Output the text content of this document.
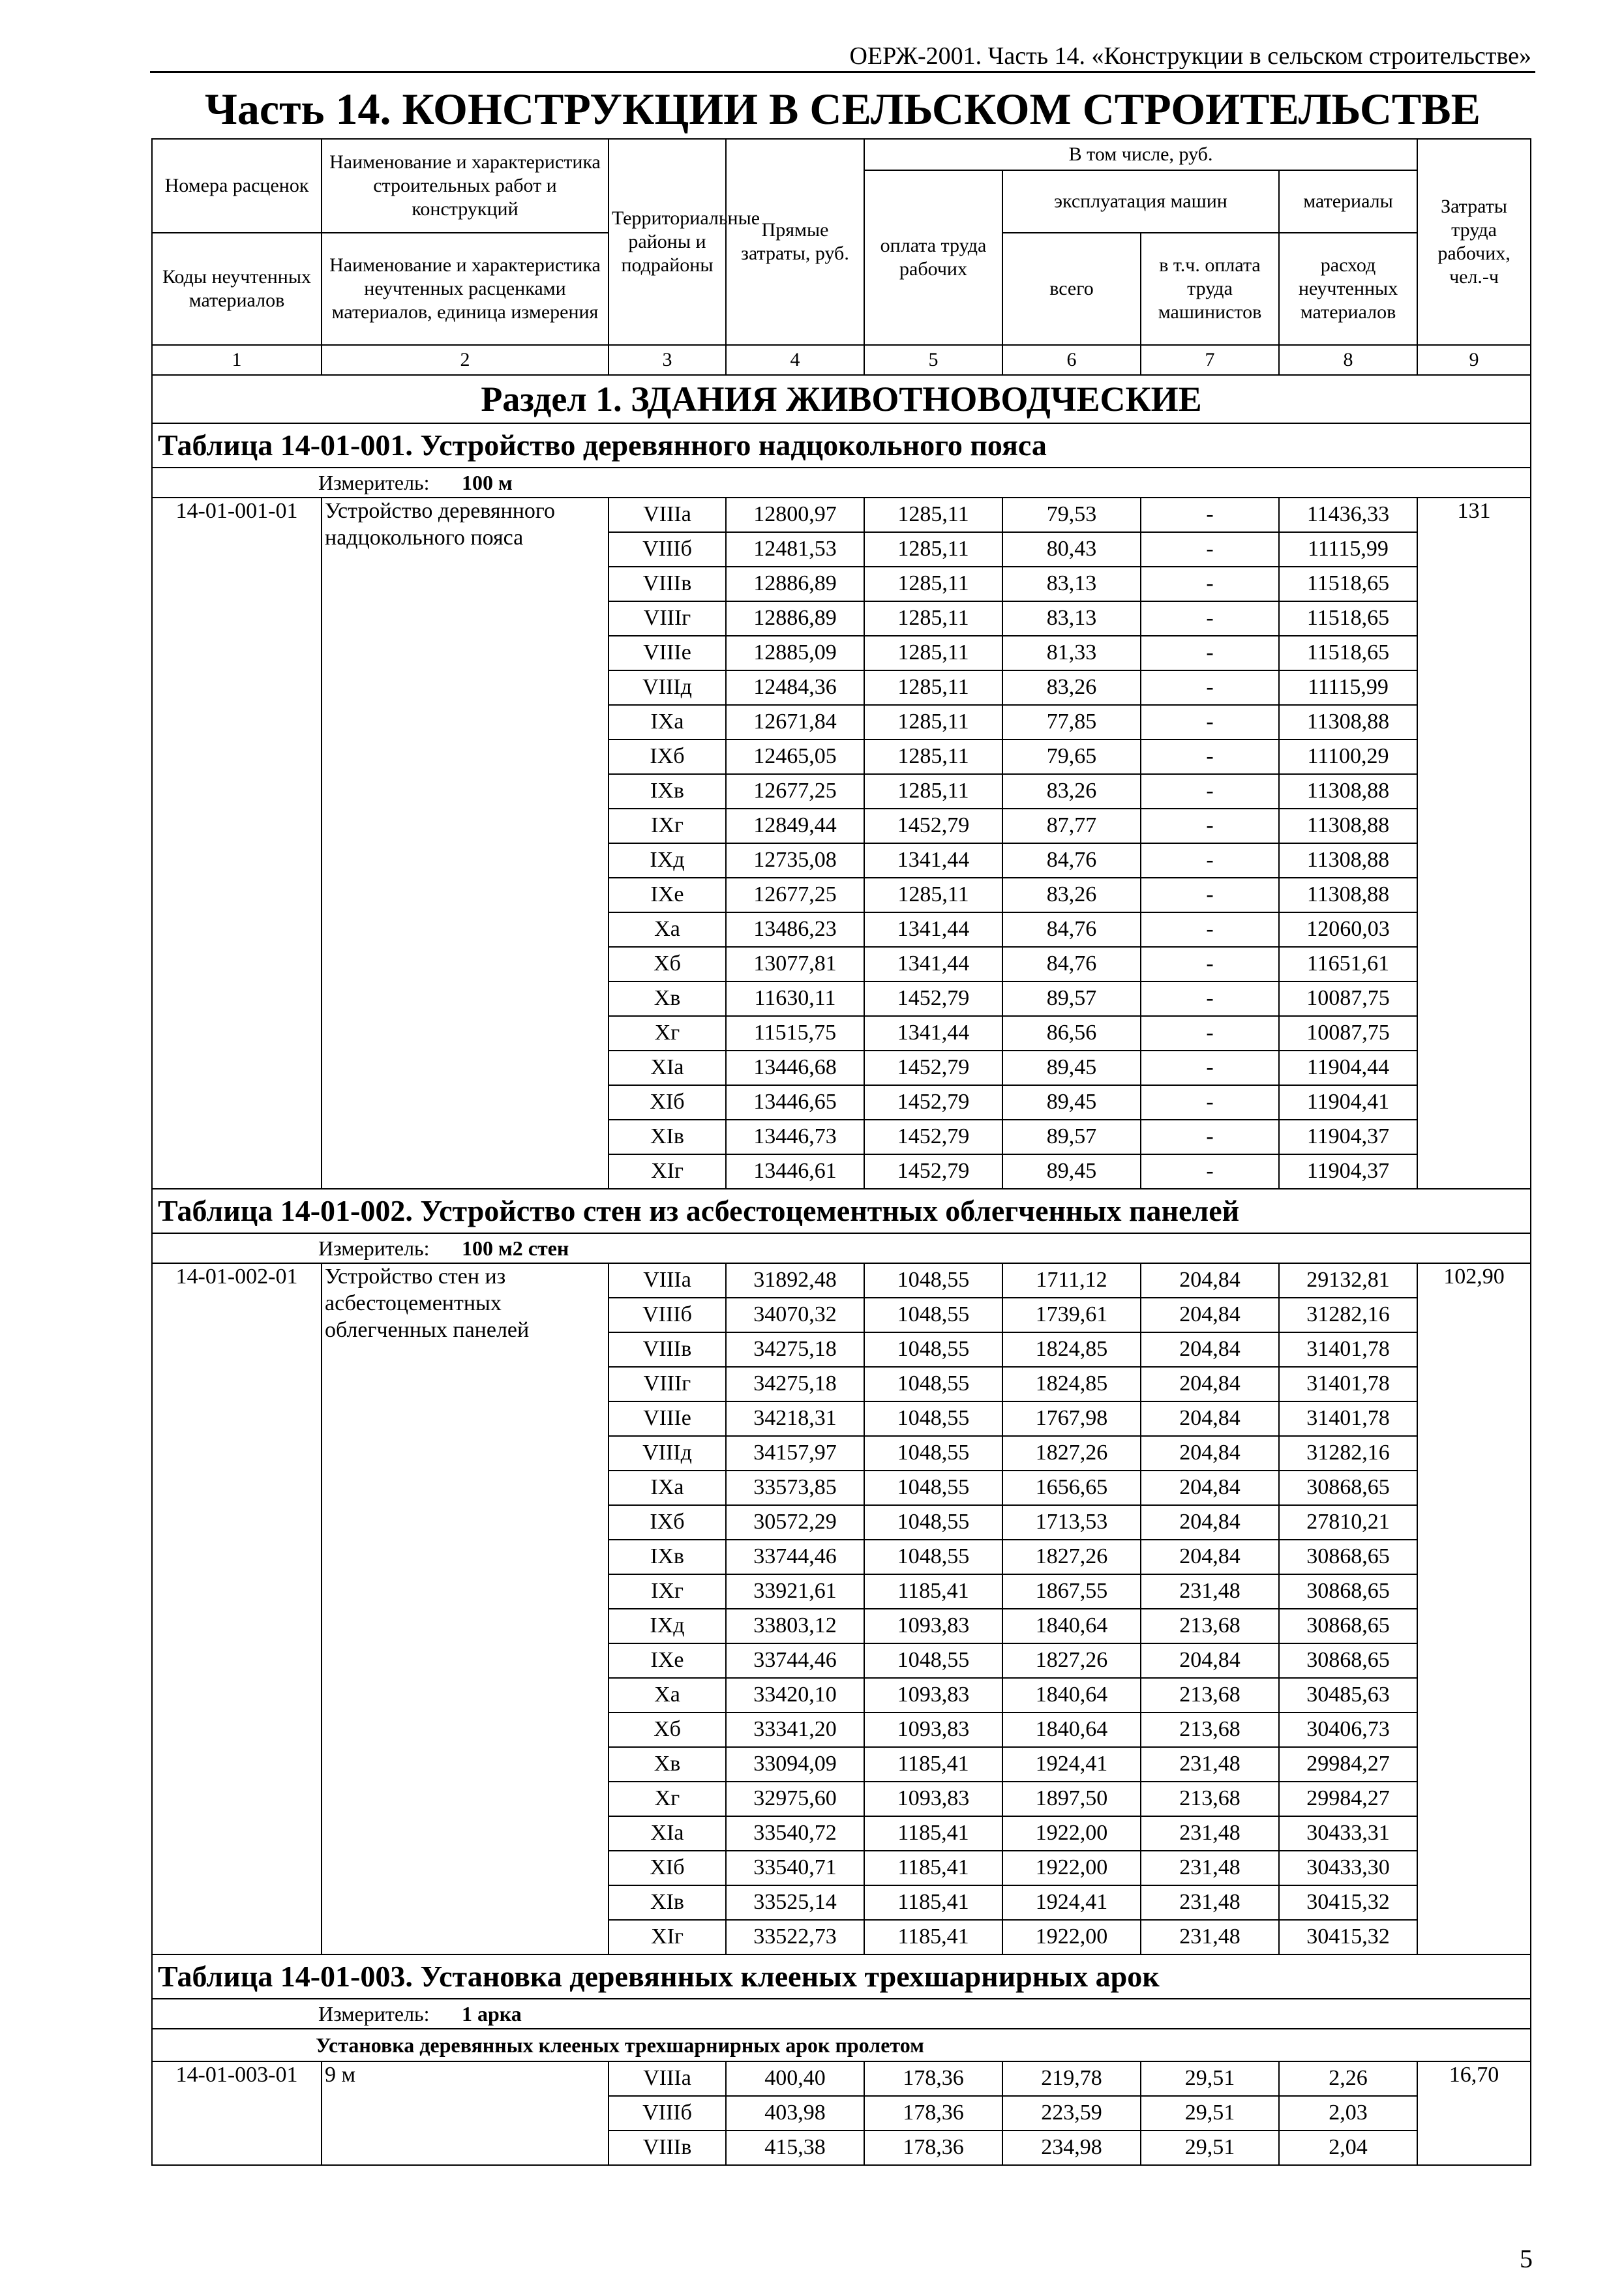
ОЕРЖ-2001. Часть 14. «Конструкции в сельском строительстве»
Часть 14. КОНСТРУКЦИИ В СЕЛЬСКОМ СТРОИТЕЛЬСТВЕ
Номера расценок	Наименование и характеристика строительных работ и конструкций	Территориальные районы и подрайоны	Прямые затраты, руб.	В том числе, руб.				Затраты труда рабочих, чел.-ч
				оплата труда рабочих	эксплуатация машин		материалы	
Коды неучтенных материалов	Наименование и характеристика неучтенных расценками материалов, единица измерения				всего	в т.ч. оплата труда машинистов	расход неучтенных материалов	

1	2	3	4	5	6	7	8	9
Раздел 1. ЗДАНИЯ ЖИВОТНОВОДЧЕСКИЕ								
Таблица 14-01-001. Устройство деревянного надцокольного пояса								
Измеритель: 100 м								
14-01-001-01	Устройство деревянного надцокольного пояса	VIIIа	12800,97	1285,11	79,53	-	11436,33	131
		VIIIб	12481,53	1285,11	80,43	-	11115,99	
		VIIIв	12886,89	1285,11	83,13	-	11518,65	
		VIIIг	12886,89	1285,11	83,13	-	11518,65	
		VIIIе	12885,09	1285,11	81,33	-	11518,65	
		VIIIд	12484,36	1285,11	83,26	-	11115,99	
		IXа	12671,84	1285,11	77,85	-	11308,88	
		IXб	12465,05	1285,11	79,65	-	11100,29	
		IXв	12677,25	1285,11	83,26	-	11308,88	
		IXг	12849,44	1452,79	87,77	-	11308,88	
		IXд	12735,08	1341,44	84,76	-	11308,88	
		IXе	12677,25	1285,11	83,26	-	11308,88	
		Xа	13486,23	1341,44	84,76	-	12060,03	
		Xб	13077,81	1341,44	84,76	-	11651,61	
		Xв	11630,11	1452,79	89,57	-	10087,75	
		Xг	11515,75	1341,44	86,56	-	10087,75	
		XIа	13446,68	1452,79	89,45	-	11904,44	
		XIб	13446,65	1452,79	89,45	-	11904,41	
		XIв	13446,73	1452,79	89,57	-	11904,37	
		XIг	13446,61	1452,79	89,45	-	11904,37	
Таблица 14-01-002. Устройство стен из асбестоцементных облегченных панелей								
Измеритель: 100 м2 стен								
14-01-002-01	Устройство стен из асбестоцементных облегченных панелей	VIIIа	31892,48	1048,55	1711,12	204,84	29132,81	102,90
		VIIIб	34070,32	1048,55	1739,61	204,84	31282,16	
		VIIIв	34275,18	1048,55	1824,85	204,84	31401,78	
		VIIIг	34275,18	1048,55	1824,85	204,84	31401,78	
		VIIIе	34218,31	1048,55	1767,98	204,84	31401,78	
		VIIIд	34157,97	1048,55	1827,26	204,84	31282,16	
		IXа	33573,85	1048,55	1656,65	204,84	30868,65	
		IXб	30572,29	1048,55	1713,53	204,84	27810,21	
		IXв	33744,46	1048,55	1827,26	204,84	30868,65	
		IXг	33921,61	1185,41	1867,55	231,48	30868,65	
		IXд	33803,12	1093,83	1840,64	213,68	30868,65	
		IXе	33744,46	1048,55	1827,26	204,84	30868,65	
		Xа	33420,10	1093,83	1840,64	213,68	30485,63	
		Xб	33341,20	1093,83	1840,64	213,68	30406,73	
		Xв	33094,09	1185,41	1924,41	231,48	29984,27	
		Xг	32975,60	1093,83	1897,50	213,68	29984,27	
		XIа	33540,72	1185,41	1922,00	231,48	30433,31	
		XIб	33540,71	1185,41	1922,00	231,48	30433,30	
		XIв	33525,14	1185,41	1924,41	231,48	30415,32	
		XIг	33522,73	1185,41	1922,00	231,48	30415,32	
Таблица 14-01-003. Установка деревянных клееных трехшарнирных арок								
Измеритель: 1 арка								
Установка деревянных клееных трехшарнирных арок пролетом								
14-01-003-01	9 м	VIIIа	400,40	178,36	219,78	29,51	2,26	16,70
		VIIIб	403,98	178,36	223,59	29,51	2,03	
		VIIIв	415,38	178,36	234,98	29,51	2,04	
5
